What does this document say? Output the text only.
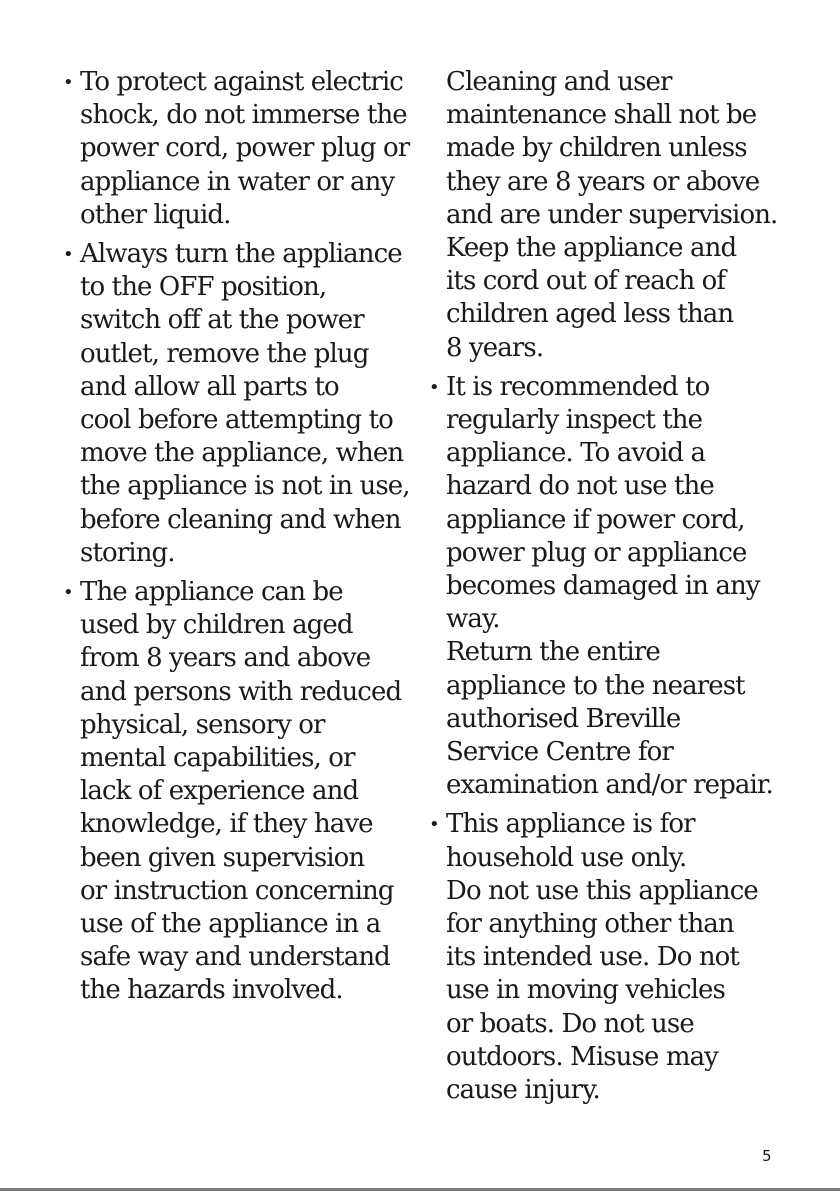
• To protect against electric
shock, do not immerse the
power cord, power plug or
appliance in water or any
other liquid.
• Always turn the appliance
to the OFF position,
switch off at the power
outlet, remove the plug
and allow all parts to
cool before attempting to
move the appliance, when
the appliance is not in use,
before cleaning and when
storing.
• The appliance can be
used by children aged
from 8 years and above
and persons with reduced
physical, sensory or
mental capabilities, or
lack of experience and
knowledge, if they have
been given supervision
or instruction concerning
use of the appliance in a
safe way and understand
the hazards involved.
Cleaning and user
maintenance shall not be
made by children unless
they are 8 years or above
and are under supervision.
Keep the appliance and
its cord out of reach of
children aged less than
8 years.
• It is recommended to
regularly inspect the
appliance. To avoid a
hazard do not use the
appliance if power cord,
power plug or appliance
becomes damaged in any
way.
Return the entire
appliance to the nearest
authorised Breville
Service Centre for
examination and/or repair.
• This appliance is for
household use only.
Do not use this appliance
for anything other than
its intended use. Do not
use in moving vehicles
or boats. Do not use
outdoors. Misuse may
cause injury.
5
